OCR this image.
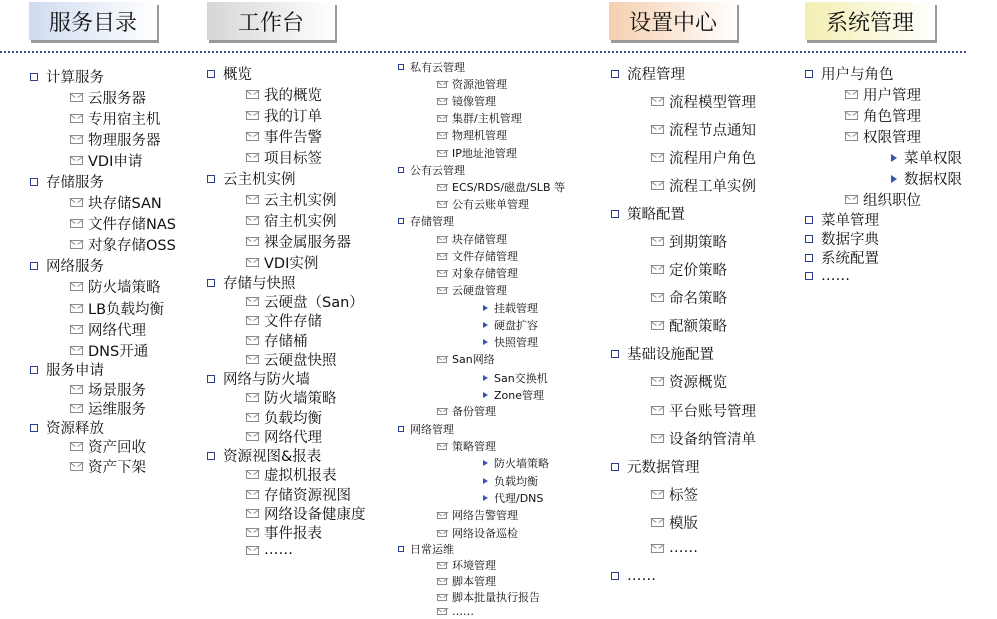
服务目录	工作台	设置中心	系统管理
计算服务
云服务器
专用宿主机
物理服务器
VDI申请
存储服务
块存储SAN
文件存储NAS
对象存储OSS
网络服务
防火墙策略
LB负载均衡
网络代理
DNS开通
服务申请
场景服务
运维服务
资源释放
资产回收
资产下架
概览
我的概览
我的订单
事件告警
项目标签
云主机实例
云主机实例
宿主机实例
裸金属服务器
VDI实例
存储与快照
云硬盘（San）
文件存储
存储桶
云硬盘快照
网络与防火墙
防火墙策略
负载均衡
网络代理
资源视图&报表
虚拟机报表
存储资源视图
网络设备健康度
事件报表
……
私有云管理
资源池管理
镜像管理
集群/主机管理
物理机管理
IP地址池管理
公有云管理
ECS/RDS/磁盘/SLB 等
公有云账单管理
存储管理
块存储管理
文件存储管理
对象存储管理
云硬盘管理
挂载管理
硬盘扩容
快照管理
San网络
San交换机
Zone管理
备份管理
网络管理
策略管理
防火墙策略
负载均衡
代理/DNS
网络告警管理
网络设备巡检
日常运维
环境管理
脚本管理
脚本批量执行报告
……
流程管理
流程模型管理
流程节点通知
流程用户角色
流程工单实例
策略配置
到期策略
定价策略
命名策略
配额策略
基础设施配置
资源概览
平台账号管理
设备纳管清单
元数据管理
标签
模版
……
……
用户与角色
用户管理
角色管理
权限管理
菜单权限
数据权限
组织职位
菜单管理
数据字典
系统配置
……
